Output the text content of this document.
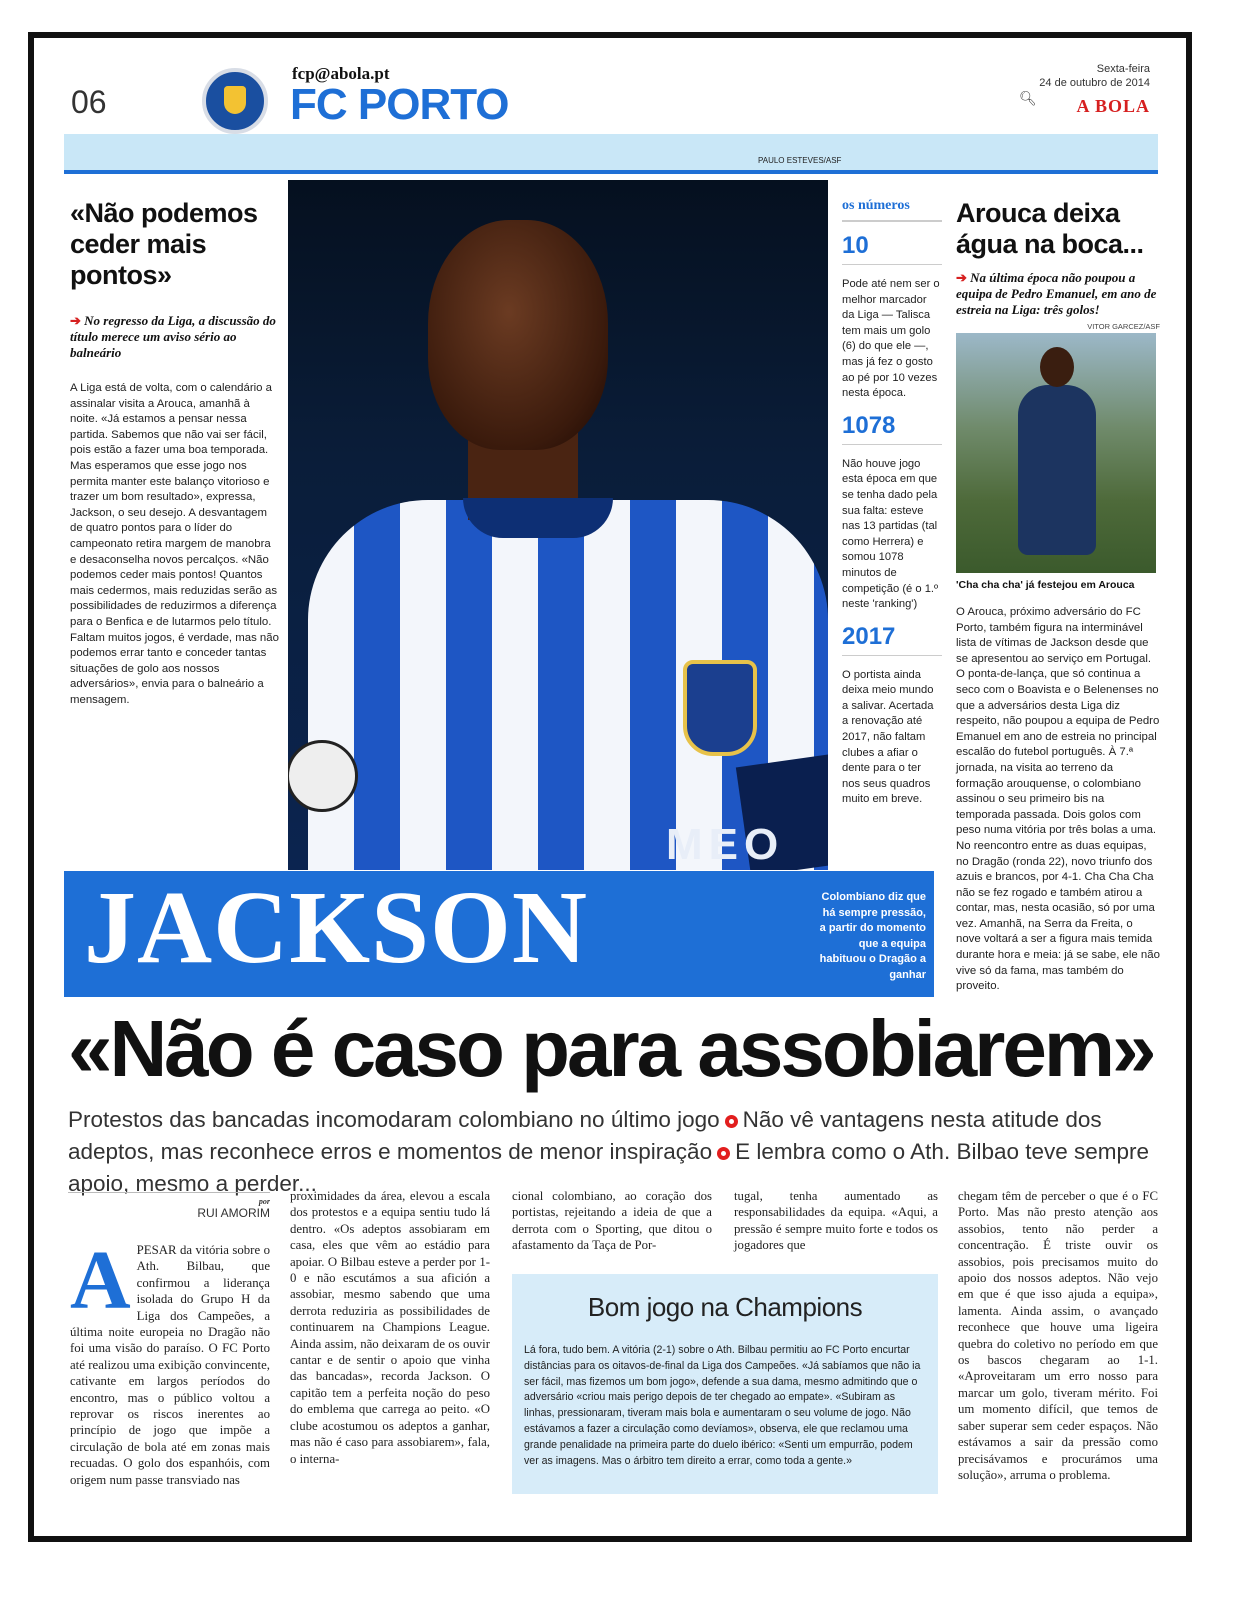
06
fcp@abola.pt
FC PORTO
Sexta-feira
24 de outubro de 2014
🔍︎ A BOLA
PAULO ESTEVES/ASF
MEO
«Não podemos ceder mais pontos»
➔ No regresso da Liga, a discussão do título merece um aviso sério ao balneário
A Liga está de volta, com o calendário a assinalar visita a Arouca, amanhã à noite. «Já estamos a pensar nessa partida. Sabemos que não vai ser fácil, pois estão a fazer uma boa temporada. Mas esperamos que esse jogo nos permita manter este balanço vitorioso e trazer um bom resultado», expressa, Jackson, o seu desejo. A desvantagem de quatro pontos para o líder do campeonato retira margem de manobra e desaconselha novos percalços. «Não podemos ceder mais pontos! Quantos mais cedermos, mais reduzidas serão as possibilidades de reduzirmos a diferença para o Benfica e de lutarmos pelo título. Faltam muitos jogos, é verdade, mas não podemos errar tanto e conceder tantas situações de golo aos nossos adversários», envia para o balneário a mensagem.
os números
10
Pode até nem ser o melhor marcador da Liga — Talisca tem mais um golo (6) do que ele —, mas já fez o gosto ao pé por 10 vezes nesta época.
1078
Não houve jogo esta época em que se tenha dado pela sua falta: esteve nas 13 partidas (tal como Herrera) e somou 1078 minutos de competição (é o 1.º neste 'ranking')
2017
O portista ainda deixa meio mundo a salivar. Acertada a renovação até 2017, não faltam clubes a afiar o dente para o ter nos seus quadros muito em breve.
Arouca deixa água na boca...
➔ Na última época não poupou a equipa de Pedro Emanuel, em ano de estreia na Liga: três golos!
VITOR GARCEZ/ASF
'Cha cha cha' já festejou em Arouca
O Arouca, próximo adversário do FC Porto, também figura na interminável lista de vítimas de Jackson desde que se apresentou ao serviço em Portugal. O ponta-de-lança, que só continua a seco com o Boavista e o Belenenses no que a adversários desta Liga diz respeito, não poupou a equipa de Pedro Emanuel em ano de estreia no principal escalão do futebol português. À 7.ª jornada, na visita ao terreno da formação arouquense, o colombiano assinou o seu primeiro bis na temporada passada. Dois golos com peso numa vitória por três bolas a uma. No reencontro entre as duas equipas, no Dragão (ronda 22), novo triunfo dos azuis e brancos, por 4-1. Cha Cha Cha não se fez rogado e também atirou a contar, mas, nesta ocasião, só por uma vez. Amanhã, na Serra da Freita, o nove voltará a ser a figura mais temida durante hora e meia: já se sabe, ele não vive só da fama, mas também do proveito.
JACKSON	Colombiano diz que há sempre pressão, a partir do momento que a equipa habituou o Dragão a ganhar
«Não é caso para assobiarem»
Protestos das bancadas incomodaram colombiano no último jogo Não vê vantagens nesta atitude dos adeptos, mas reconhece erros e momentos de menor inspiração E lembra como o Ath. Bilbao teve sempre apoio, mesmo a perder...
por
RUI AMORIM
APESAR da vitória sobre o Ath. Bilbau, que confirmou a liderança isolada do Grupo H da Liga dos Campeões, a última noite europeia no Dragão não foi uma visão do paraíso. O FC Porto até realizou uma exibição convincente, cativante em largos períodos do encontro, mas o público voltou a reprovar os riscos inerentes ao princípio de jogo que impõe a circulação de bola até em zonas mais recuadas. O golo dos espanhóis, com origem num passe transviado nas
proximidades da área, elevou a escala dos protestos e a equipa sentiu tudo lá dentro. «Os adeptos assobiaram em casa, eles que vêm ao estádio para apoiar. O Bilbau esteve a perder por 1-0 e não escutámos a sua afición a assobiar, mesmo sabendo que uma derrota reduziria as possibilidades de continuarem na Champions League. Ainda assim, não deixaram de os ouvir cantar e de sentir o apoio que vinha das bancadas», recorda Jackson. O capitão tem a perfeita noção do peso do emblema que carrega ao peito. «O clube acostumou os adeptos a ganhar, mas não é caso para assobiarem», fala, o interna-
cional colombiano, ao coração dos portistas, rejeitando a ideia de que a derrota com o Sporting, que ditou o afastamento da Taça de Por-
tugal, tenha aumentado as responsabilidades da equipa. «Aqui, a pressão é sempre muito forte e todos os jogadores que
chegam têm de perceber o que é o FC Porto. Mas não presto atenção aos assobios, tento não perder a concentração. É triste ouvir os assobios, pois precisamos muito do apoio dos nossos adeptos. Não vejo em que é que isso ajuda a equipa», lamenta. Ainda assim, o avançado reconhece que houve uma ligeira quebra do coletivo no período em que os bascos chegaram ao 1-1. «Aproveitaram um erro nosso para marcar um golo, tiveram mérito. Foi um momento difícil, que temos de saber superar sem ceder espaços. Não estávamos a sair da pressão como precisávamos e procurámos uma solução», arruma o problema.
Bom jogo na Champions
Lá fora, tudo bem. A vitória (2-1) sobre o Ath. Bilbau permitiu ao FC Porto encurtar distâncias para os oitavos-de-final da Liga dos Campeões. «Já sabíamos que não ia ser fácil, mas fizemos um bom jogo», defende a sua dama, mesmo admitindo que o adversário «criou mais perigo depois de ter chegado ao empate». «Subiram as linhas, pressionaram, tiveram mais bola e aumentaram o seu volume de jogo. Não estávamos a fazer a circulação como devíamos», observa, ele que reclamou uma grande penalidade na primeira parte do duelo ibérico: «Senti um empurrão, podem ver as imagens. Mas o árbitro tem direito a errar, como toda a gente.»
